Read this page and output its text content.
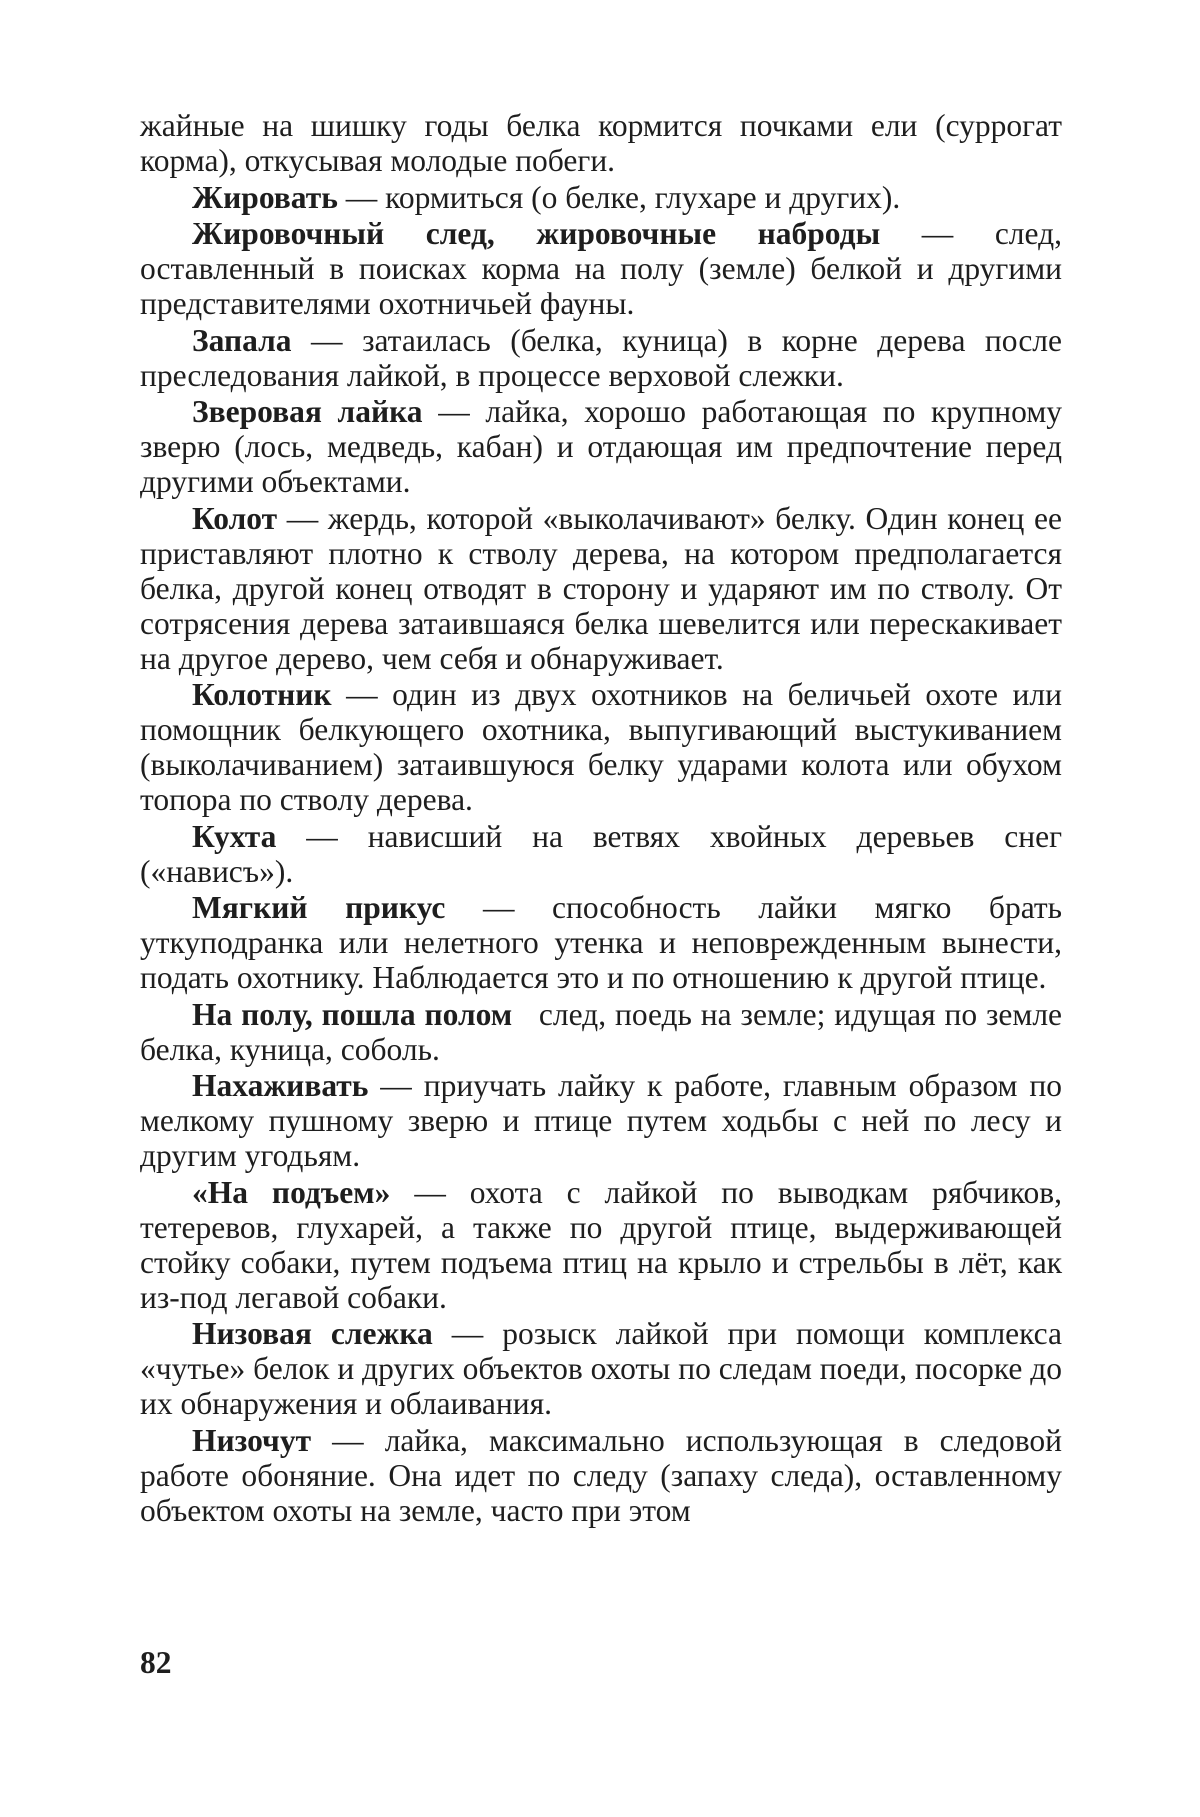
жайные на шишку годы белка кормится почками ели (суррогат корма), откусывая молодые побеги.

Жировать — кормиться (о белке, глухаре и других).

Жировочный след, жировочные наброды — след, оставленный в поисках корма на полу (земле) белкой и другими представителями охотничьей фауны.

Запала — затаилась (белка, куница) в корне дерева после преследования лайкой, в процессе верховой слежки.

Зверовая лайка — лайка, хорошо работающая по крупному зверю (лось, медведь, кабан) и отдающая им предпочтение перед другими объектами.

Колот — жердь, которой «выколачивают» белку. Один конец ее приставляют плотно к стволу дерева, на котором предполагается белка, другой конец отводят в сторону и ударяют им по стволу. От сотрясения дерева затаившаяся белка шевелится или перескакивает на другое дерево, чем себя и обнаруживает.

Колотник — один из двух охотников на беличьей охоте или помощник белкующего охотника, выпугивающий выстукиванием (выколачиванием) затаившуюся белку ударами колота или обухом топора по стволу дерева.

Кухта — нависший на ветвях хвойных деревьев снег («нависъ»).

Мягкий прикус — способность лайки мягко брать уткуподранка или нелетного утенка и неповрежденным вынести, подать охотнику. Наблюдается это и по отношению к другой птице.

На полу, пошла полом след, поедь на земле; идущая по земле белка, куница, соболь.

Нахаживать — приучать лайку к работе, главным образом по мелкому пушному зверю и птице путем ходьбы с ней по лесу и другим угодьям.

«На подъем» — охота с лайкой по выводкам рябчиков, тетеревов, глухарей, а также по другой птице, выдерживающей стойку собаки, путем подъема птиц на крыло и стрельбы в лёт, как из-под легавой собаки.

Низовая слежка — розыск лайкой при помощи комплекса «чутье» белок и других объектов охоты по следам поеди, посорке до их обнаружения и облаивания.

Низочут — лайка, максимально использующая в следовой работе обоняние. Она идет по следу (запаху следа), оставленному объектом охоты на земле, часто при этом

82
